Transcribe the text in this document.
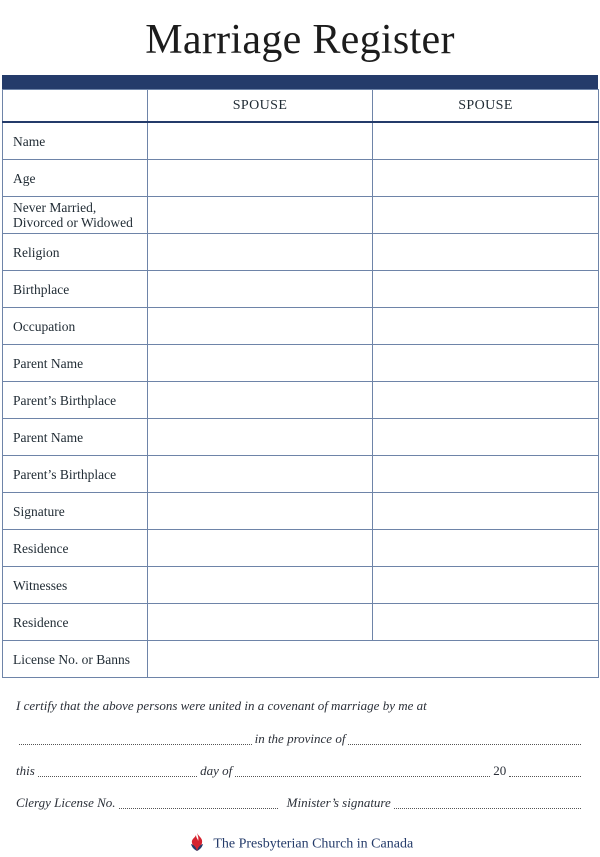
Marriage Register
	SPOUSE	SPOUSE
Name		
Age		
Never Married,
Divorced or Widowed		
Religion		
Birthplace		
Occupation		
Parent Name		
Parent’s Birthplace		
Parent Name		
Parent’s Birthplace		
Signature		
Residence		
Witnesses		
Residence		
License No. or Banns		
I certify that the above persons were united in a covenant of marriage by me at
in the province of
this	day of	20
Clergy License No.	Minister’s signature
The Presbyterian Church in Canada
